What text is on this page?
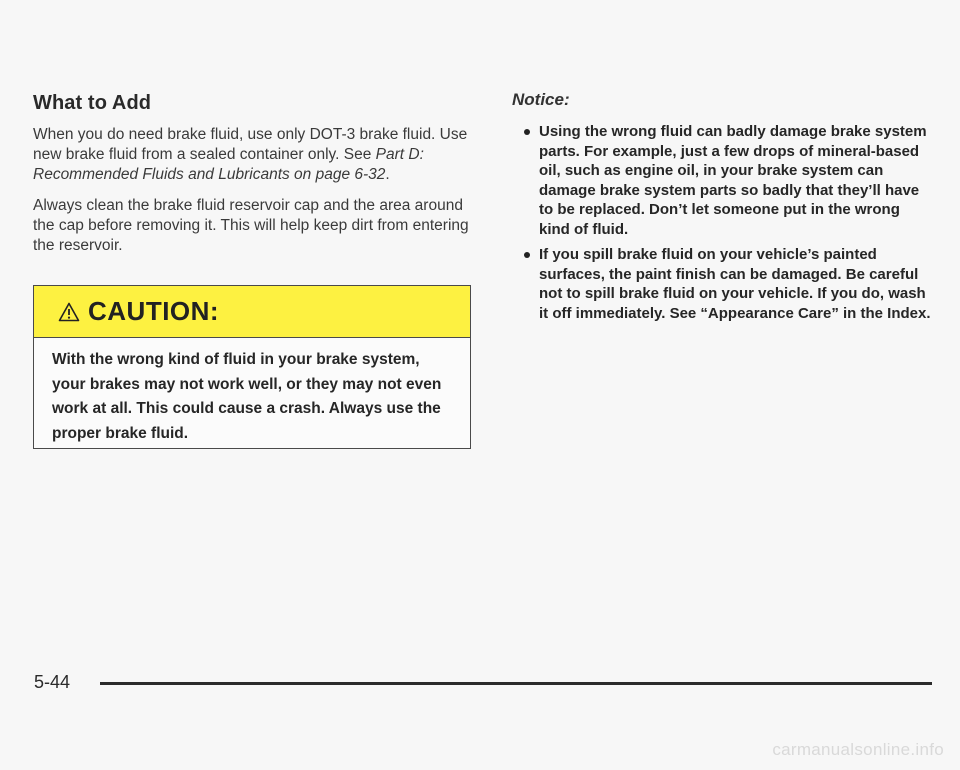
What to Add

When you do need brake fluid, use only DOT-3 brake fluid. Use new brake fluid from a sealed container only. See Part D: Recommended Fluids and Lubricants on page 6-32.

Always clean the brake fluid reservoir cap and the area around the cap before removing it. This will help keep dirt from entering the reservoir.

CAUTION:
With the wrong kind of fluid in your brake system, your brakes may not work well, or they may not even work at all. This could cause a crash. Always use the proper brake fluid.
Notice:
Using the wrong fluid can badly damage brake system parts. For example, just a few drops of mineral-based oil, such as engine oil, in your brake system can damage brake system parts so badly that they’ll have to be replaced. Don’t let someone put in the wrong kind of fluid.
If you spill brake fluid on your vehicle’s painted surfaces, the paint finish can be damaged. Be careful not to spill brake fluid on your vehicle. If you do, wash it off immediately. See “Appearance Care” in the Index.
5-44
carmanualsonline.info
